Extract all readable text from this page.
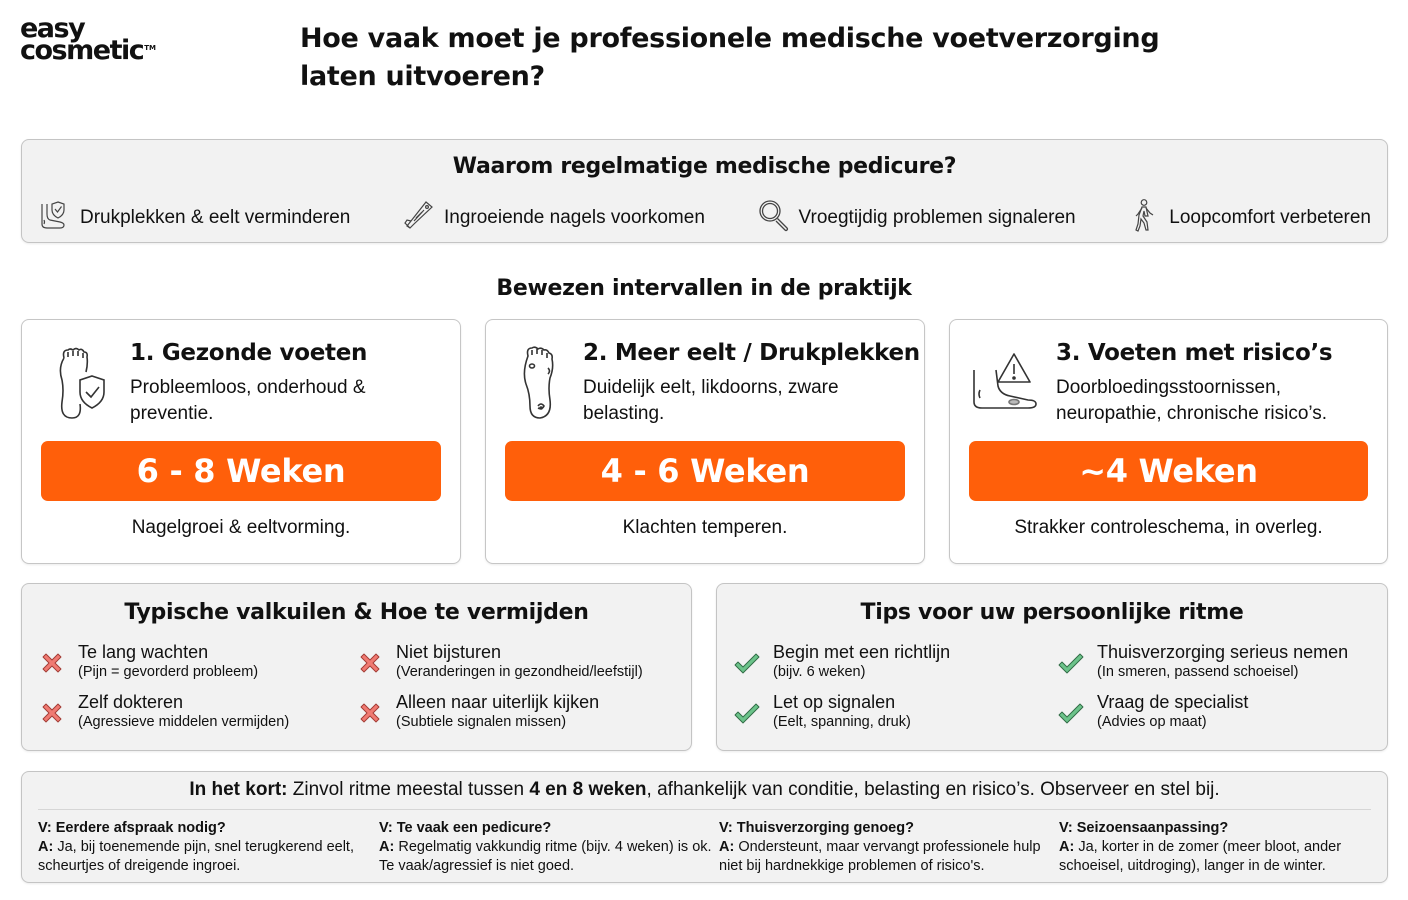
easy
cosmetic™	Hoe vaak moet je professionele medische voetverzorging laten uitvoeren?
Waarom regelmatige medische pedicure?
Drukplekken & eelt verminderen	Ingroeiende nagels voorkomen	Vroegtijdig problemen signaleren	Loopcomfort verbeteren
Bewezen intervallen in de praktijk
1. Gezonde voeten
Probleemloos, onderhoud & preventie.
6 - 8 Weken
Nagelgroei & eeltvorming.
2. Meer eelt / Drukplekken
Duidelijk eelt, likdoorns, zware belasting.
4 - 6 Weken
Klachten temperen.
3. Voeten met risico’s
Doorbloedingsstoornissen, neuropathie, chronische risico’s.
~4 Weken
Strakker controleschema, in overleg.
Typische valkuilen & Hoe te vermijden
Te lang wachten
(Pijn = gevorderd probleem)
Niet bijsturen
(Veranderingen in gezondheid/leefstijl)
Zelf dokteren
(Agressieve middelen vermijden)
Alleen naar uiterlijk kijken
(Subtiele signalen missen)
Tips voor uw persoonlijke ritme
Begin met een richtlijn
(bijv. 6 weken)
Thuisverzorging serieus nemen
(In smeren, passend schoeisel)
Let op signalen
(Eelt, spanning, druk)
Vraag de specialist
(Advies op maat)
In het kort: Zinvol ritme meestal tussen 4 en 8 weken, afhankelijk van conditie, belasting en risico’s. Observeer en stel bij.
V: Eerdere afspraak nodig?
A: Ja, bij toenemende pijn, snel terugkerend eelt, scheurtjes of dreigende ingroei.
V: Te vaak een pedicure?
A: Regelmatig vakkundig ritme (bijv. 4 weken) is ok. Te vaak/agressief is niet goed.
V: Thuisverzorging genoeg?
A: Ondersteunt, maar vervangt professionele hulp niet bij hardnekkige problemen of risico's.
V: Seizoensaanpassing?
A: Ja, korter in de zomer (meer bloot, ander schoeisel, uitdroging), langer in de winter.
